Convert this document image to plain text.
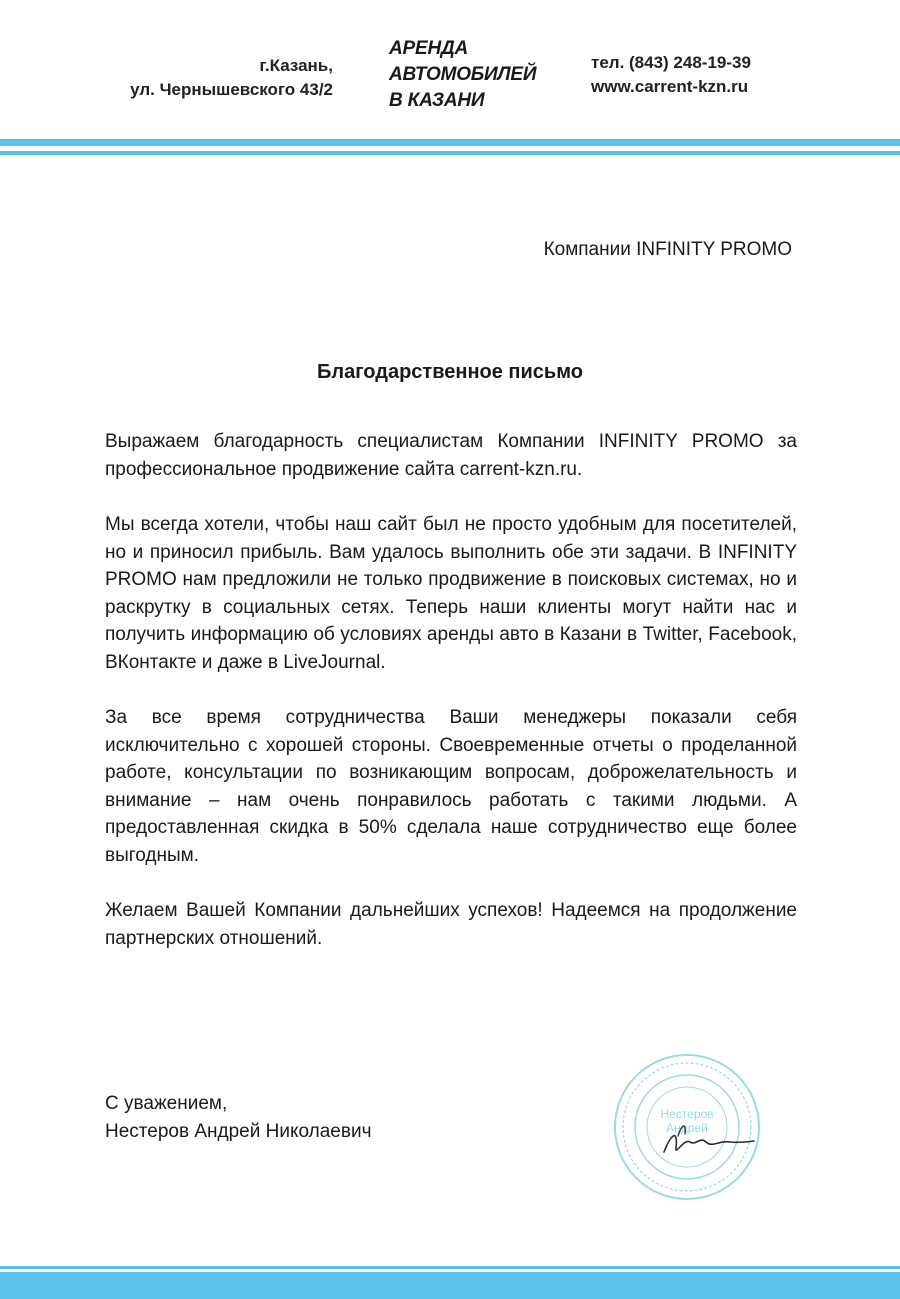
г.Казань,
ул. Чернышевского 43/2
АРЕНДА
АВТОМОБИЛЕЙ
В КАЗАНИ
тел. (843) 248-19-39
www.carrent-kzn.ru
Компании INFINITY PROMO
Благодарственное письмо

Выражаем благодарность специалистам Компании INFINITY PROMO за профессиональное продвижение сайта carrent-kzn.ru.

Мы всегда хотели, чтобы наш сайт был не просто удобным для посетителей, но и приносил прибыль. Вам удалось выполнить обе эти задачи. В INFINITY PROMO нам предложили не только продвижение в поисковых системах, но и раскрутку в социальных сетях. Теперь наши клиенты могут найти нас и получить информацию об условиях аренды авто в Казани в Twitter, Facebook, ВКонтакте и даже в LiveJournal.

За все время сотрудничества Ваши менеджеры показали себя исключительно с хорошей стороны. Своевременные отчеты о проделанной работе, консультации по возникающим вопросам, доброжелательность и внимание – нам очень понравилось работать с такими людьми. А предоставленная скидка в 50% сделала наше сотрудничество еще более выгодным.

Желаем Вашей Компании дальнейших успехов! Надеемся на продолжение партнерских отношений.

С уважением,
Нестеров Андрей Николаевич
Нестеров
Андрей
